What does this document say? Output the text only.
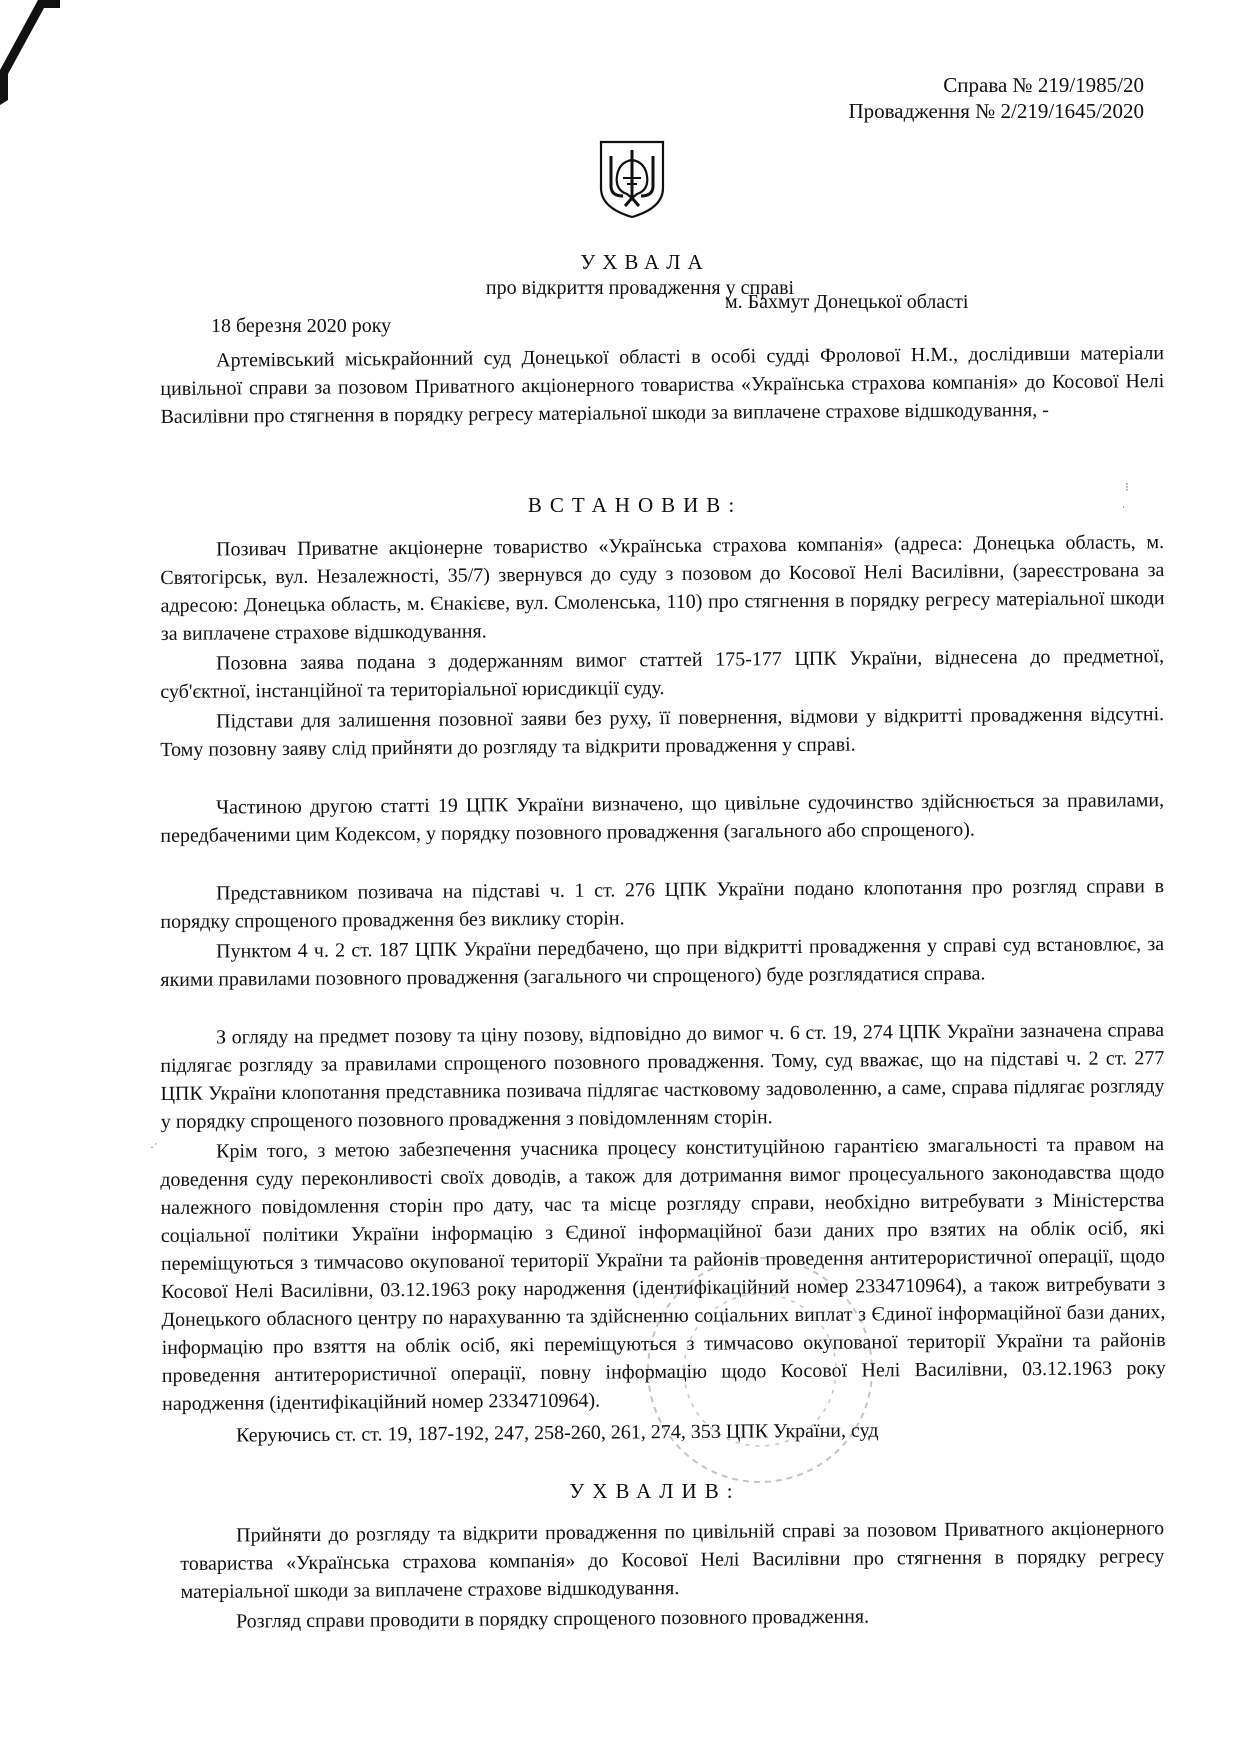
Справа № 219/1985/20
Провадження № 2/219/1645/2020
УХВАЛА
про відкриття провадження у справі
м. Бахмут Донецької області
18 березня 2020 року

Артемівський міськрайонний суд Донецької області в особі судді Фролової Н.М., дослідивши матеріали цивільної справи за позовом Приватного акціонерного товариства «Українська страхова компанія» до Косової Нелі Василівни про стягнення в порядку регресу матеріальної шкоди за виплачене страхове відшкодування, -

ВСТАНОВИВ:

Позивач Приватне акціонерне товариство «Українська страхова компанія» (адреса: Донецька область, м. Святогірськ, вул. Незалежності, 35/7) звернувся до суду з позовом до Косової Нелі Василівни, (зареєстрована за адресою: Донецька область, м. Єнакієве, вул. Смоленська, 110) про стягнення в порядку регресу матеріальної шкоди за виплачене страхове відшкодування.

Позовна заява подана з додержанням вимог статтей 175-177 ЦПК України, віднесена до предметної, суб'єктної, інстанційної та територіальної юрисдикції суду.

Підстави для залишення позовної заяви без руху, її повернення, відмови у відкритті провадження відсутні. Тому позовну заяву слід прийняти до розгляду та відкрити провадження у справі.

Частиною другою статті 19 ЦПК України визначено, що цивільне судочинство здійснюється за правилами, передбаченими цим Кодексом, у порядку позовного провадження (загального або спрощеного).

Представником позивача на підставі ч. 1 ст. 276 ЦПК України подано клопотання про розгляд справи в порядку спрощеного провадження без виклику сторін.

Пунктом 4 ч. 2 ст. 187 ЦПК України передбачено, що при відкритті провадження у справі суд встановлює, за якими правилами позовного провадження (загального чи спрощеного) буде розглядатися справа.

З огляду на предмет позову та ціну позову, відповідно до вимог ч. 6 ст. 19, 274 ЦПК України зазначена справа підлягає розгляду за правилами спрощеного позовного провадження. Тому, суд вважає, що на підставі ч. 2 ст. 277 ЦПК України клопотання представника позивача підлягає частковому задоволенню, а саме, справа підлягає розгляду у порядку спрощеного позовного провадження з повідомленням сторін.

Крім того, з метою забезпечення учасника процесу конституційною гарантією змагальності та правом на доведення суду переконливості своїх доводів, а також для дотримання вимог процесуального законодавства щодо належного повідомлення сторін про дату, час та місце розгляду справи, необхідно витребувати з Міністерства соціальної політики України інформацію з Єдиної інформаційної бази даних про взятих на облік осіб, які переміщуються з тимчасово окупованої території України та районів проведення антитерористичної операції, щодо Косової Нелі Василівни, 03.12.1963 року народження (ідентифікаційний номер 2334710964), а також витребувати з Донецького обласного центру по нарахуванню та здійсненню соціальних виплат з Єдиної інформаційної бази даних, інформацію про взяття на облік осіб, які переміщуються з тимчасово окупованої території України та районів проведення антитерористичної операції, повну інформацію щодо Косової Нелі Василівни, 03.12.1963 року народження (ідентифікаційний номер 2334710964).

Керуючись ст. ст. 19, 187-192, 247, 258-260, 261, 274, 353 ЦПК України, суд

УХВАЛИВ:

Прийняти до розгляду та відкрити провадження по цивільній справі за позовом Приватного акціонерного товариства «Українська страхова компанія» до Косової Нелі Василівни про стягнення в порядку регресу матеріальної шкоди за виплачене страхове відшкодування.

Розгляд справи проводити в порядку спрощеного позовного провадження.

⁝
∙
·˙
